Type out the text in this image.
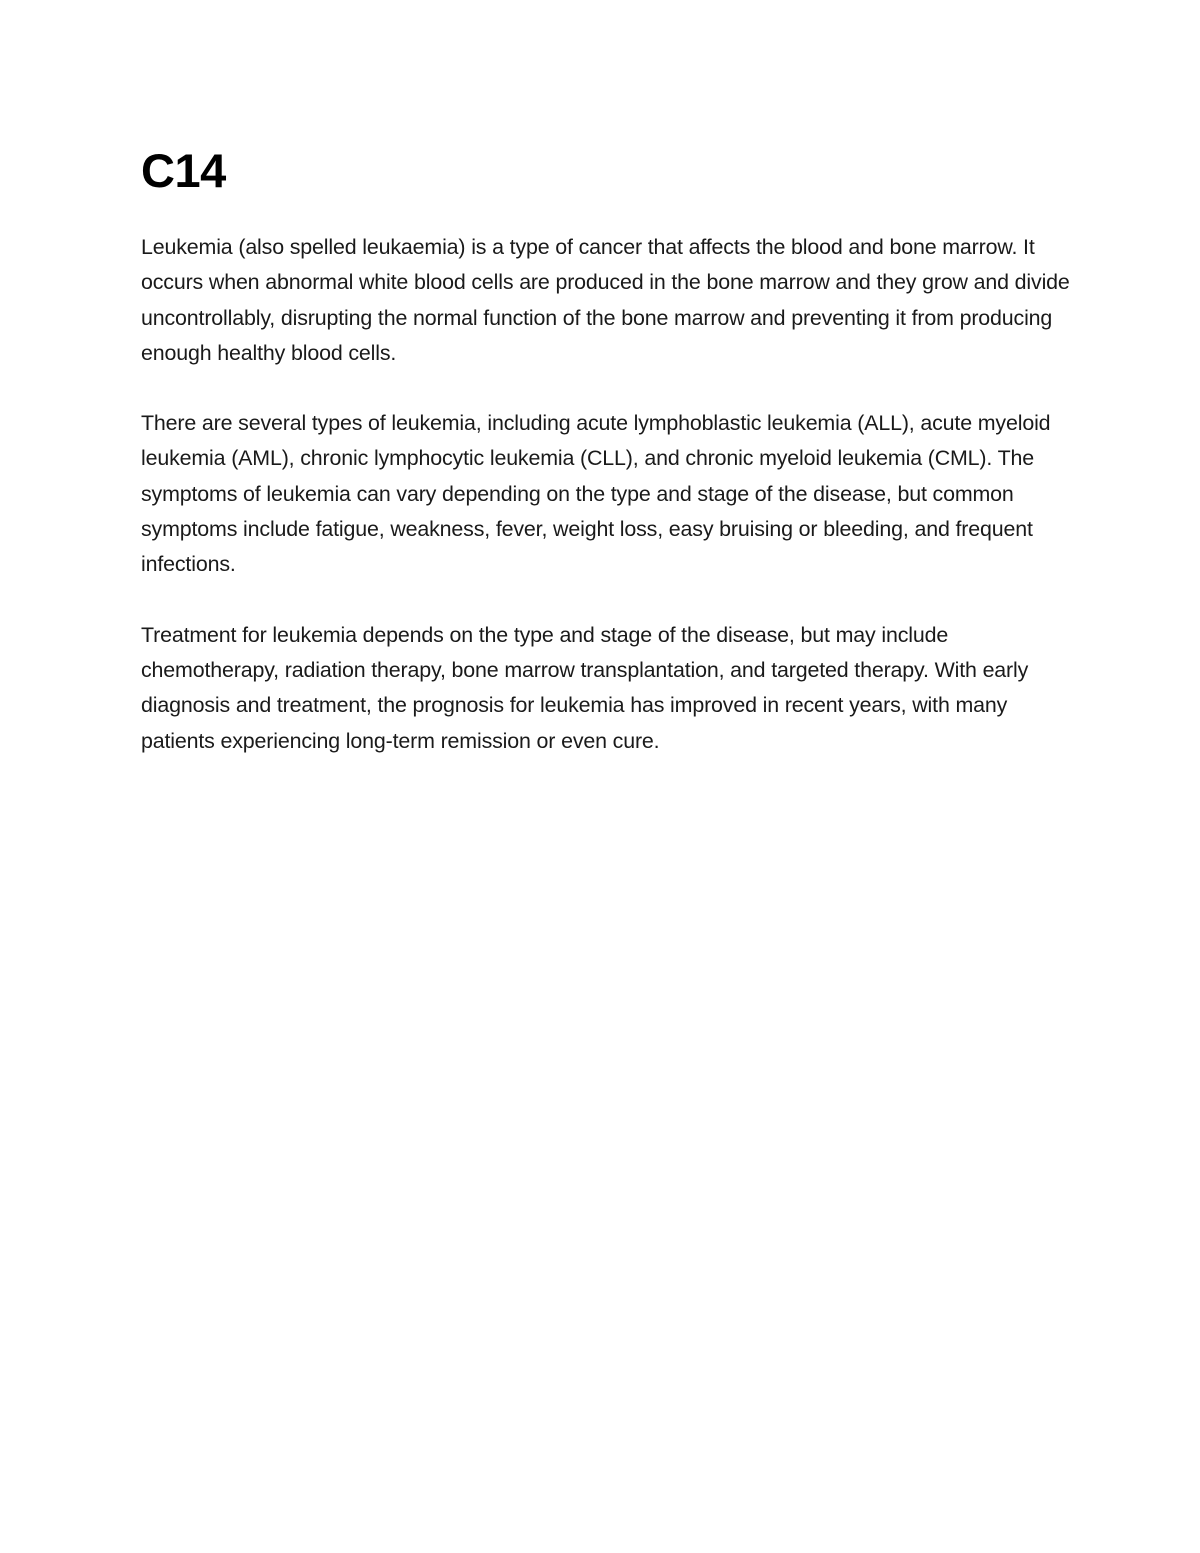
C14

Leukemia (also spelled leukaemia) is a type of cancer that affects the blood and bone marrow. It occurs when abnormal white blood cells are produced in the bone marrow and they grow and divide uncontrollably, disrupting the normal function of the bone marrow and preventing it from producing enough healthy blood cells.

There are several types of leukemia, including acute lymphoblastic leukemia (ALL), acute myeloid leukemia (AML), chronic lymphocytic leukemia (CLL), and chronic myeloid leukemia (CML). The symptoms of leukemia can vary depending on the type and stage of the disease, but common symptoms include fatigue, weakness, fever, weight loss, easy bruising or bleeding, and frequent infections.

Treatment for leukemia depends on the type and stage of the disease, but may include chemotherapy, radiation therapy, bone marrow transplantation, and targeted therapy. With early diagnosis and treatment, the prognosis for leukemia has improved in recent years, with many patients experiencing long-term remission or even cure.
